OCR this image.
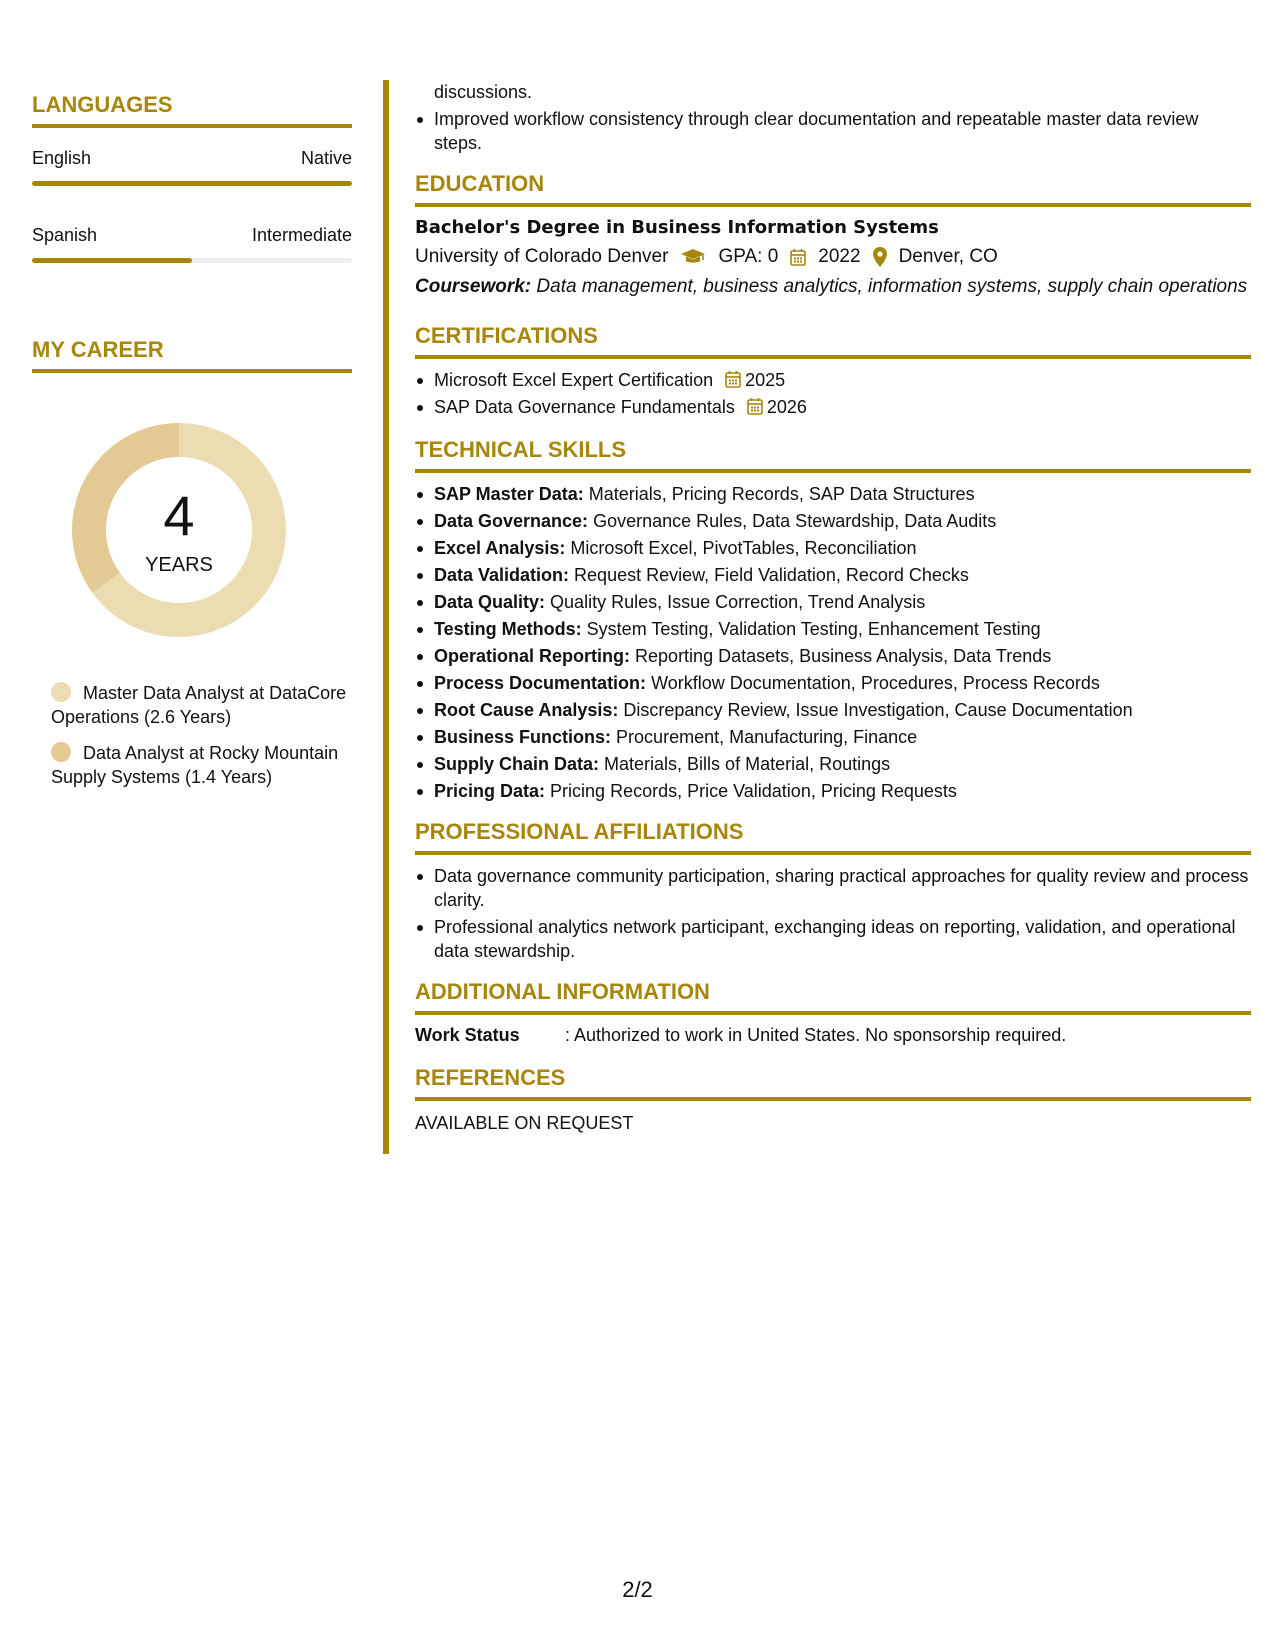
LANGUAGES
English	Native
Spanish	Intermediate
MY CAREER
4
YEARS
Master Data Analyst at DataCore Operations (2.6 Years)
Data Analyst at Rocky Mountain Supply Systems (1.4 Years)
discussions.
Improved workflow consistency through clear documentation and repeatable master data review steps.
EDUCATION
Bachelor's Degree in Business Information Systems
University of Colorado Denver	GPA: 0 2022 Denver, CO
Coursework: Data management, business analytics, information systems, supply chain operations
CERTIFICATIONS
Microsoft Excel Expert Certification 2025
SAP Data Governance Fundamentals 2026
TECHNICAL SKILLS
SAP Master Data: Materials, Pricing Records, SAP Data Structures
Data Governance: Governance Rules, Data Stewardship, Data Audits
Excel Analysis: Microsoft Excel, PivotTables, Reconciliation
Data Validation: Request Review, Field Validation, Record Checks
Data Quality: Quality Rules, Issue Correction, Trend Analysis
Testing Methods: System Testing, Validation Testing, Enhancement Testing
Operational Reporting: Reporting Datasets, Business Analysis, Data Trends
Process Documentation: Workflow Documentation, Procedures, Process Records
Root Cause Analysis: Discrepancy Review, Issue Investigation, Cause Documentation
Business Functions: Procurement, Manufacturing, Finance
Supply Chain Data: Materials, Bills of Material, Routings
Pricing Data: Pricing Records, Price Validation, Pricing Requests
PROFESSIONAL AFFILIATIONS
Data governance community participation, sharing practical approaches for quality review and process clarity.
Professional analytics network participant, exchanging ideas on reporting, validation, and operational data stewardship.
ADDITIONAL INFORMATION
Work Status	: Authorized to work in United States. No sponsorship required.
REFERENCES
AVAILABLE ON REQUEST
2/2
